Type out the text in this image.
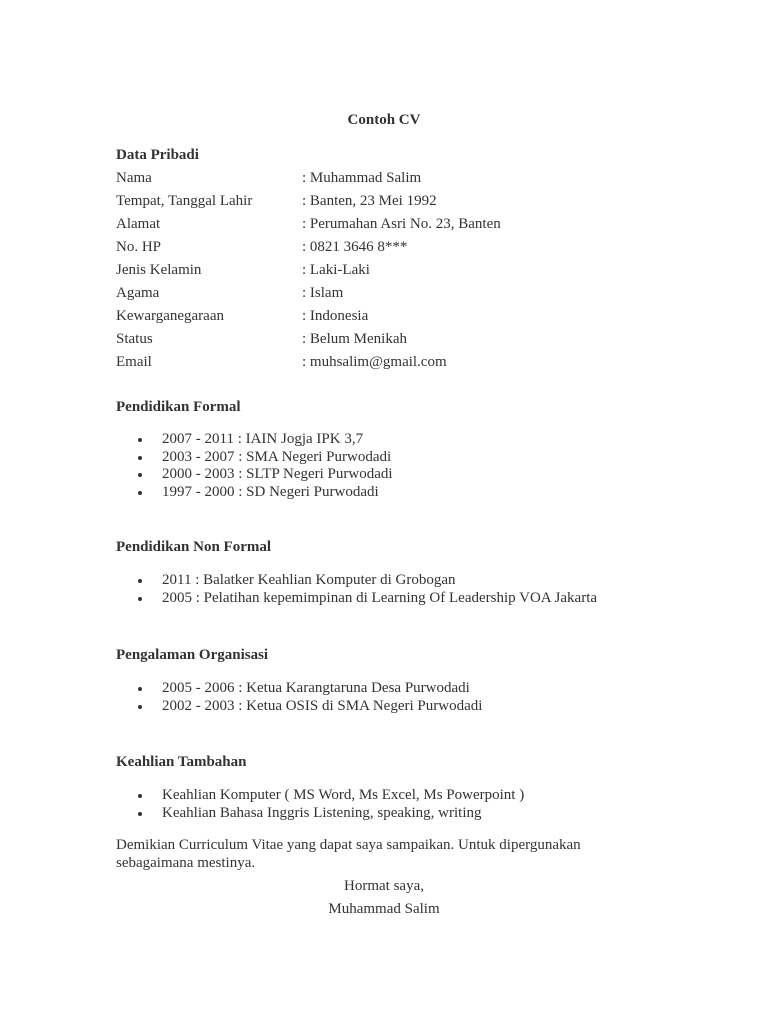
Contoh CV
Data Pribadi
Nama	: Muhammad Salim
Tempat, Tanggal Lahir	: Banten, 23 Mei 1992
Alamat	: Perumahan Asri No. 23, Banten
No. HP	: 0821 3646 8***
Jenis Kelamin	: Laki-Laki
Agama	: Islam
Kewarganegaraan	: Indonesia
Status	: Belum Menikah
Email	: muhsalim@gmail.com
Pendidikan Formal
2007 - 2011 : IAIN Jogja IPK 3,7
2003 - 2007 : SMA Negeri Purwodadi
2000 - 2003 : SLTP Negeri Purwodadi
1997 - 2000 : SD Negeri Purwodadi
Pendidikan Non Formal
2011 : Balatker Keahlian Komputer di Grobogan
2005 : Pelatihan kepemimpinan di Learning Of Leadership VOA Jakarta
Pengalaman Organisasi
2005 - 2006 : Ketua Karangtaruna Desa Purwodadi
2002 - 2003 : Ketua OSIS di SMA Negeri Purwodadi
Keahlian Tambahan
Keahlian Komputer ( MS Word, Ms Excel, Ms Powerpoint )
Keahlian Bahasa Inggris Listening, speaking, writing
Demikian Curriculum Vitae yang dapat saya sampaikan. Untuk dipergunakan sebagaimana mestinya.
Hormat saya,
Muhammad Salim
